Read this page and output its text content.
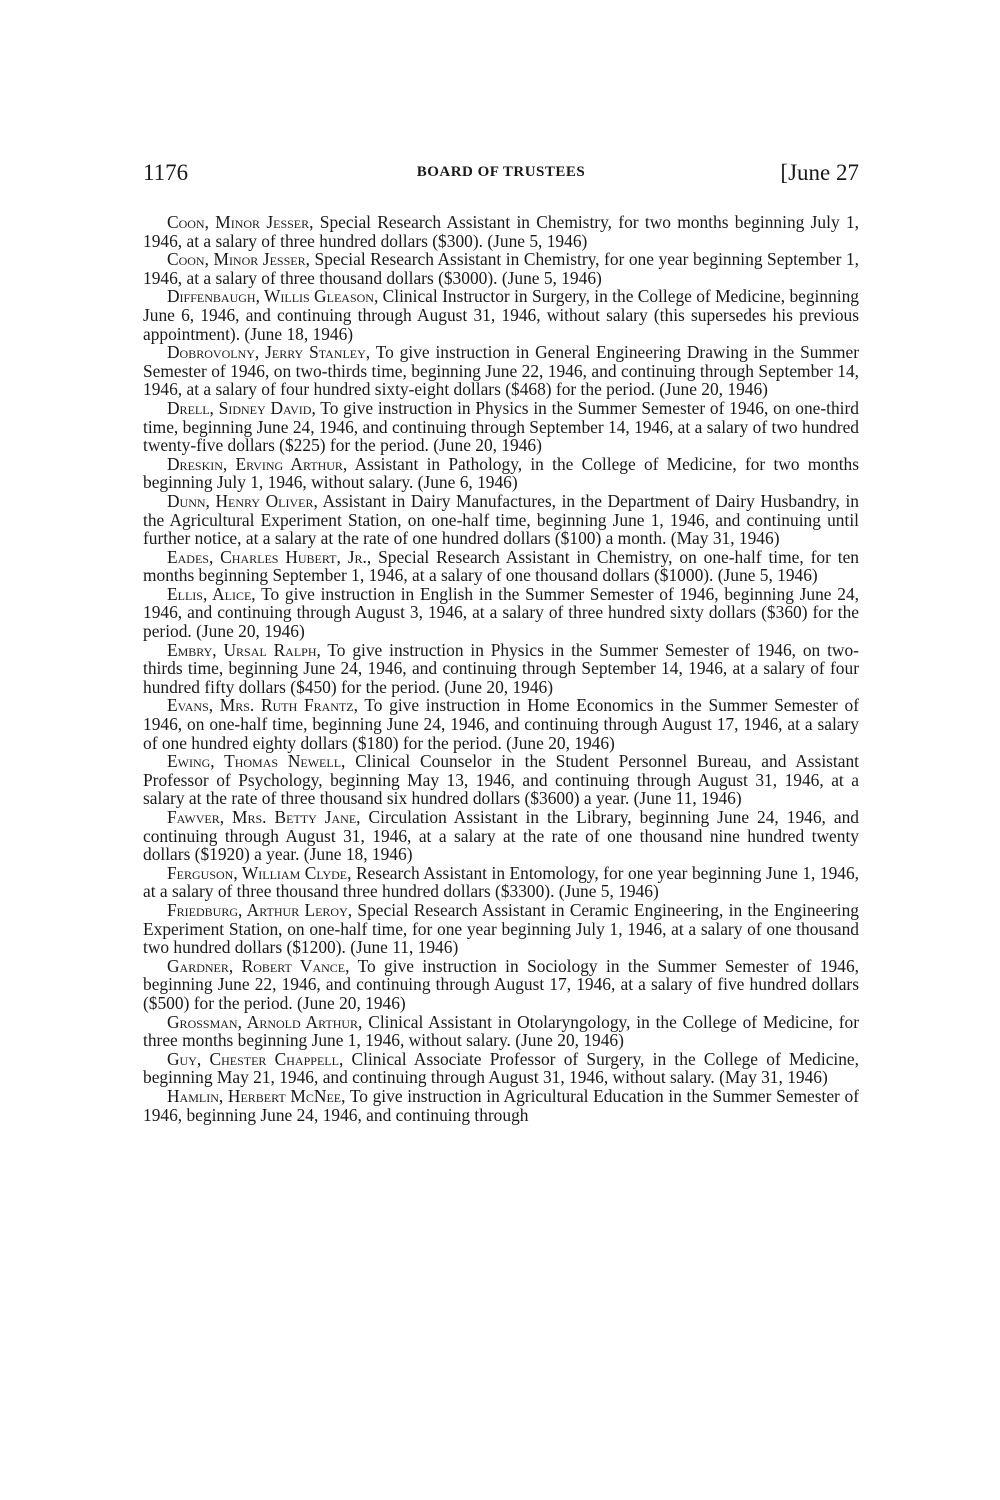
1176	BOARD OF TRUSTEES	[June 27

Coon, Minor Jesser, Special Research Assistant in Chemistry, for two months beginning July 1, 1946, at a salary of three hundred dollars ($300). (June 5, 1946)

Coon, Minor Jesser, Special Research Assistant in Chemistry, for one year beginning September 1, 1946, at a salary of three thousand dollars ($3000). (June 5, 1946)

Diffenbaugh, Willis Gleason, Clinical Instructor in Surgery, in the College of Medicine, beginning June 6, 1946, and continuing through August 31, 1946, without salary (this supersedes his previous appointment). (June 18, 1946)

Dobrovolny, Jerry Stanley, To give instruction in General Engineering Drawing in the Summer Semester of 1946, on two-thirds time, beginning June 22, 1946, and continuing through September 14, 1946, at a salary of four hundred sixty-eight dollars ($468) for the period. (June 20, 1946)

Drell, Sidney David, To give instruction in Physics in the Summer Semester of 1946, on one-third time, beginning June 24, 1946, and continuing through September 14, 1946, at a salary of two hundred twenty-five dollars ($225) for the period. (June 20, 1946)

Dreskin, Erving Arthur, Assistant in Pathology, in the College of Medicine, for two months beginning July 1, 1946, without salary. (June 6, 1946)

Dunn, Henry Oliver, Assistant in Dairy Manufactures, in the Department of Dairy Husbandry, in the Agricultural Experiment Station, on one-half time, beginning June 1, 1946, and continuing until further notice, at a salary at the rate of one hundred dollars ($100) a month. (May 31, 1946)

Eades, Charles Hubert, Jr., Special Research Assistant in Chemistry, on one-half time, for ten months beginning September 1, 1946, at a salary of one thousand dollars ($1000). (June 5, 1946)

Ellis, Alice, To give instruction in English in the Summer Semester of 1946, beginning June 24, 1946, and continuing through August 3, 1946, at a salary of three hundred sixty dollars ($360) for the period. (June 20, 1946)

Embry, Ursal Ralph, To give instruction in Physics in the Summer Semester of 1946, on two-thirds time, beginning June 24, 1946, and continuing through September 14, 1946, at a salary of four hundred fifty dollars ($450) for the period. (June 20, 1946)

Evans, Mrs. Ruth Frantz, To give instruction in Home Economics in the Summer Semester of 1946, on one-half time, beginning June 24, 1946, and continuing through August 17, 1946, at a salary of one hundred eighty dollars ($180) for the period. (June 20, 1946)

Ewing, Thomas Newell, Clinical Counselor in the Student Personnel Bureau, and Assistant Professor of Psychology, beginning May 13, 1946, and continuing through August 31, 1946, at a salary at the rate of three thousand six hundred dollars ($3600) a year. (June 11, 1946)

Fawver, Mrs. Betty Jane, Circulation Assistant in the Library, beginning June 24, 1946, and continuing through August 31, 1946, at a salary at the rate of one thousand nine hundred twenty dollars ($1920) a year. (June 18, 1946)

Ferguson, William Clyde, Research Assistant in Entomology, for one year beginning June 1, 1946, at a salary of three thousand three hundred dollars ($3300). (June 5, 1946)

Friedburg, Arthur Leroy, Special Research Assistant in Ceramic Engineering, in the Engineering Experiment Station, on one-half time, for one year beginning July 1, 1946, at a salary of one thousand two hundred dollars ($1200). (June 11, 1946)

Gardner, Robert Vance, To give instruction in Sociology in the Summer Semester of 1946, beginning June 22, 1946, and continuing through August 17, 1946, at a salary of five hundred dollars ($500) for the period. (June 20, 1946)

Grossman, Arnold Arthur, Clinical Assistant in Otolaryngology, in the College of Medicine, for three months beginning June 1, 1946, without salary. (June 20, 1946)

Guy, Chester Chappell, Clinical Associate Professor of Surgery, in the College of Medicine, beginning May 21, 1946, and continuing through August 31, 1946, without salary. (May 31, 1946)

Hamlin, Herbert McNee, To give instruction in Agricultural Education in the Summer Semester of 1946, beginning June 24, 1946, and continuing through
